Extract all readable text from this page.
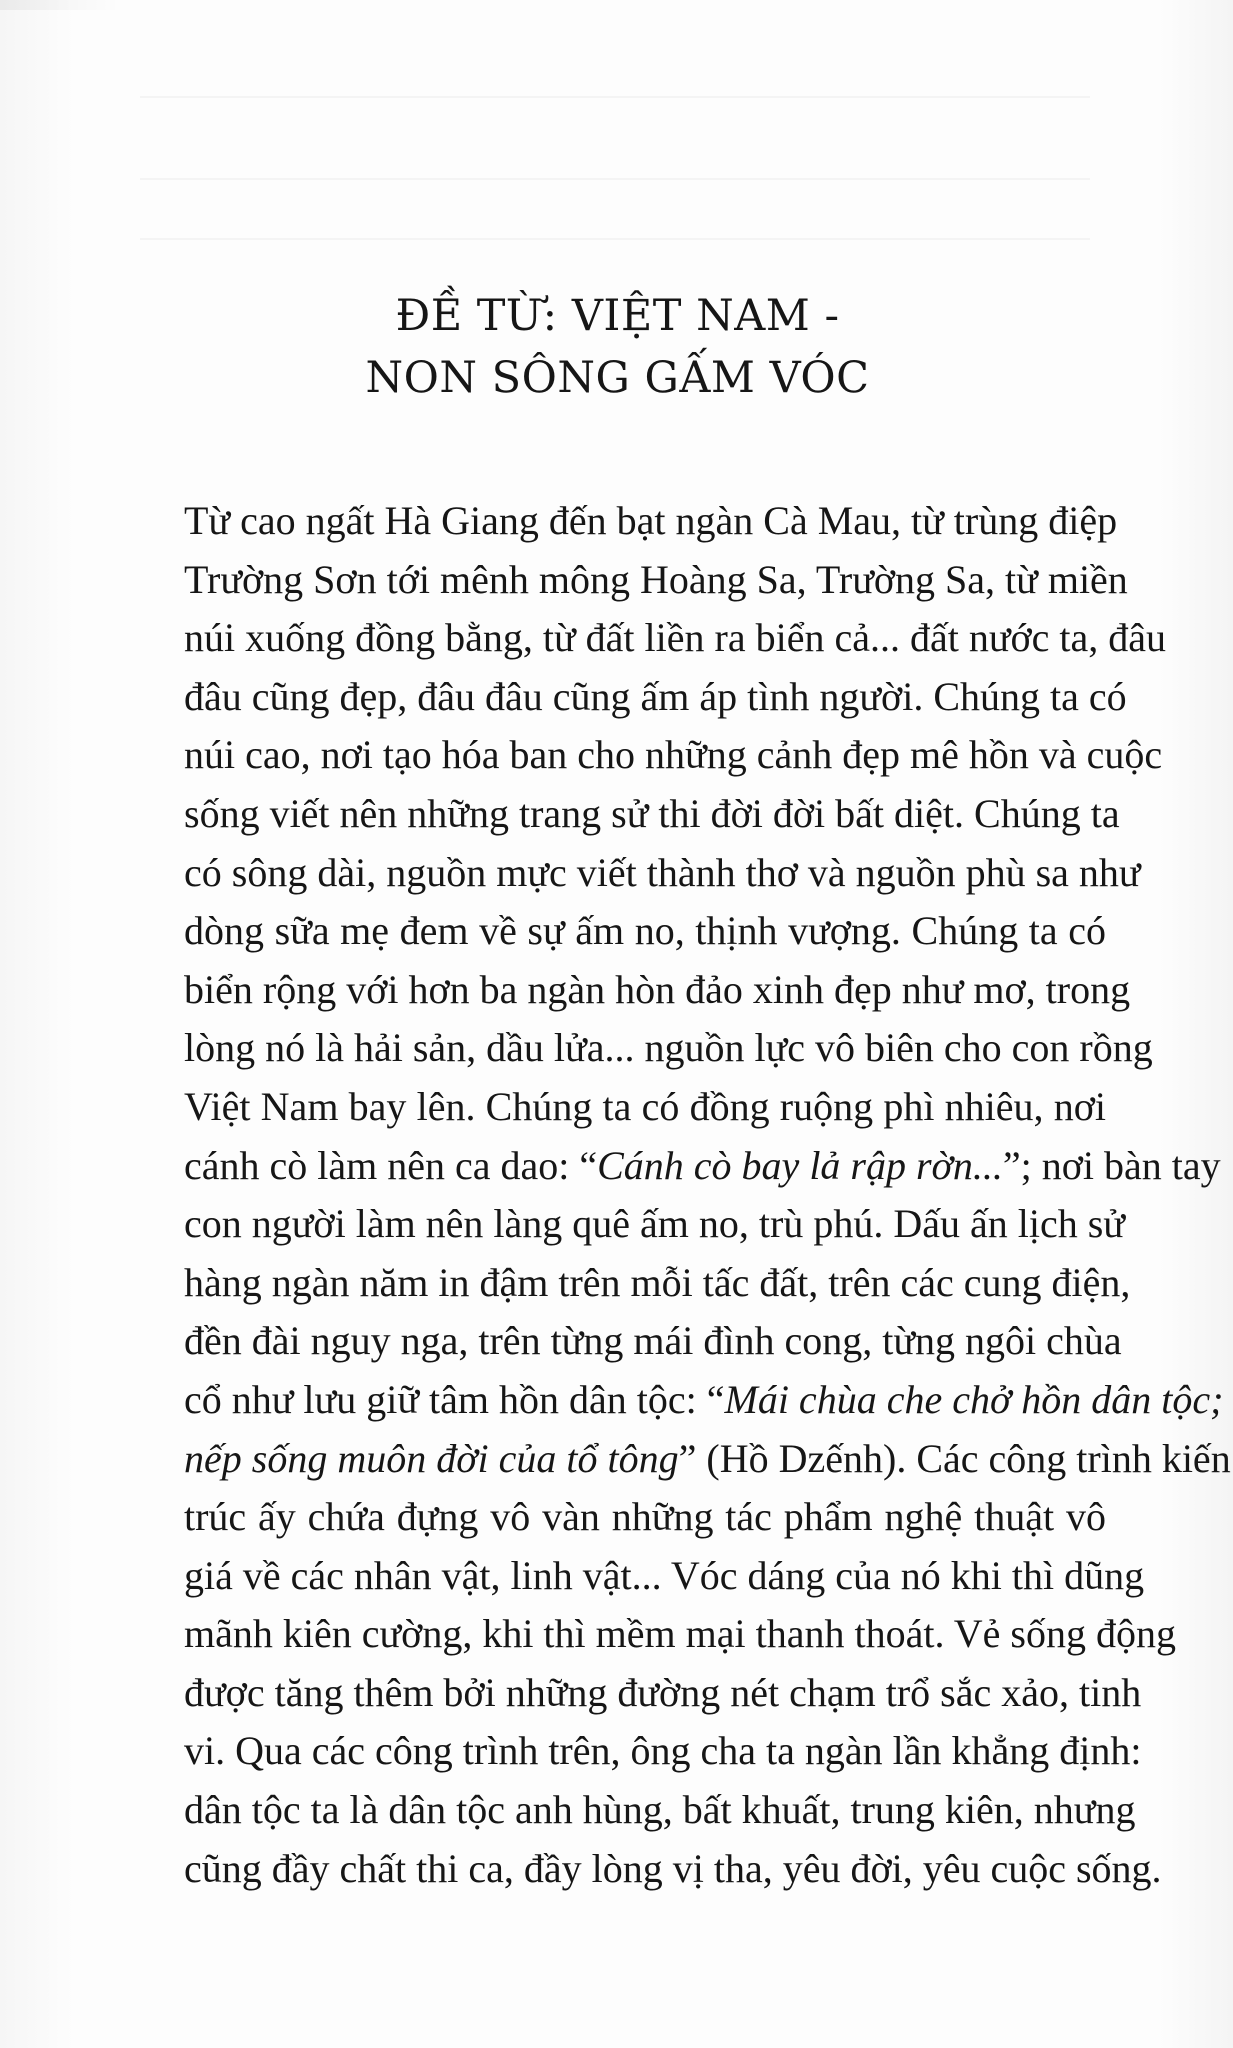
ĐỀ TỪ: VIỆT NAM -
NON SÔNG GẤM VÓC
Từ cao ngất Hà Giang đến bạt ngàn Cà Mau, từ trùng điệp
Trường Sơn tới mênh mông Hoàng Sa, Trường Sa, từ miền
núi xuống đồng bằng, từ đất liền ra biển cả... đất nước ta, đâu
đâu cũng đẹp, đâu đâu cũng ấm áp tình người. Chúng ta có
núi cao, nơi tạo hóa ban cho những cảnh đẹp mê hồn và cuộc
sống viết nên những trang sử thi đời đời bất diệt. Chúng ta
có sông dài, nguồn mực viết thành thơ và nguồn phù sa như
dòng sữa mẹ đem về sự ấm no, thịnh vượng. Chúng ta có
biển rộng với hơn ba ngàn hòn đảo xinh đẹp như mơ, trong
lòng nó là hải sản, dầu lửa... nguồn lực vô biên cho con rồng
Việt Nam bay lên. Chúng ta có đồng ruộng phì nhiêu, nơi
cánh cò làm nên ca dao: “Cánh cò bay lả rập rờn...”; nơi bàn tay
con người làm nên làng quê ấm no, trù phú. Dấu ấn lịch sử
hàng ngàn năm in đậm trên mỗi tấc đất, trên các cung điện,
đền đài nguy nga, trên từng mái đình cong, từng ngôi chùa
cổ như lưu giữ tâm hồn dân tộc: “Mái chùa che chở hồn dân tộc;
nếp sống muôn đời của tổ tông” (Hồ Dzếnh). Các công trình kiến
trúc ấy chứa đựng vô vàn những tác phẩm nghệ thuật vô
giá về các nhân vật, linh vật... Vóc dáng của nó khi thì dũng
mãnh kiên cường, khi thì mềm mại thanh thoát. Vẻ sống động
được tăng thêm bởi những đường nét chạm trổ sắc xảo, tinh
vi. Qua các công trình trên, ông cha ta ngàn lần khẳng định:
dân tộc ta là dân tộc anh hùng, bất khuất, trung kiên, nhưng
cũng đầy chất thi ca, đầy lòng vị tha, yêu đời, yêu cuộc sống.
